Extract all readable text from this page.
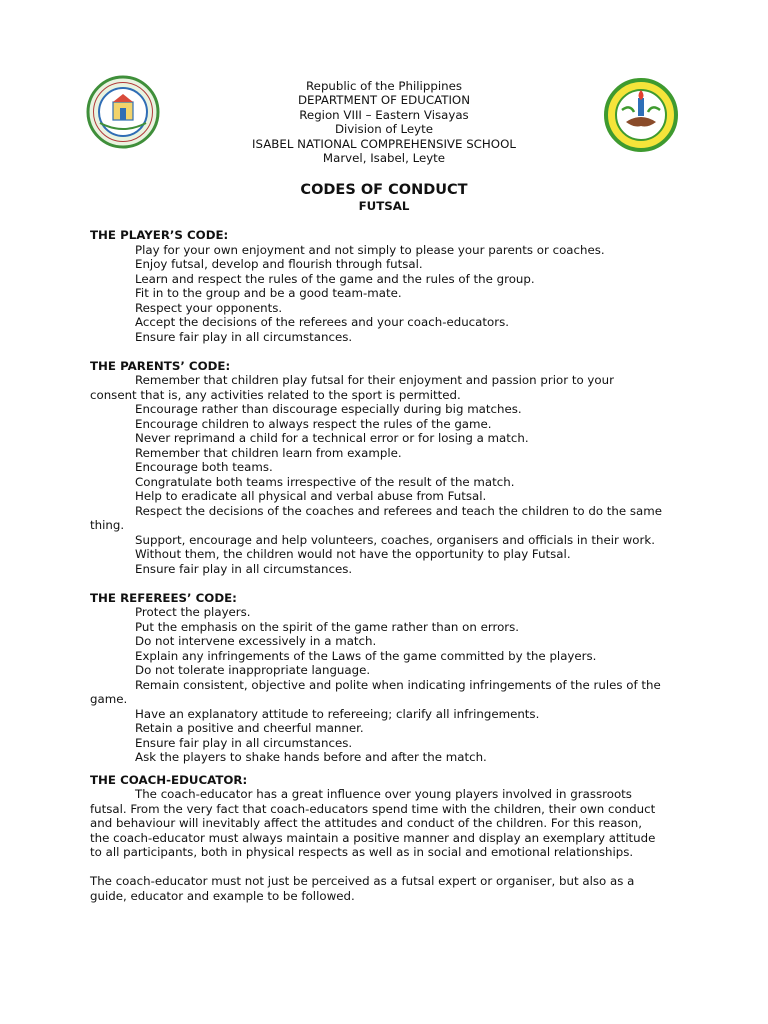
Republic of the Philippines
DEPARTMENT OF EDUCATION
Region VIII – Eastern Visayas
Division of Leyte
ISABEL NATIONAL COMPREHENSIVE SCHOOL
Marvel, Isabel, Leyte
CODES OF CONDUCT
FUTSAL
THE PLAYER’S CODE:
Play for your own enjoyment and not simply to please your parents or coaches.
Enjoy futsal, develop and flourish through futsal.
Learn and respect the rules of the game and the rules of the group.
Fit in to the group and be a good team-mate.
Respect your opponents.
Accept the decisions of the referees and your coach-educators.
Ensure fair play in all circumstances.
THE PARENTS’ CODE:
Remember that children play futsal for their enjoyment and passion prior to your
consent that is, any activities related to the sport is permitted.
Encourage rather than discourage especially during big matches.
Encourage children to always respect the rules of the game.
Never reprimand a child for a technical error or for losing a match.
Remember that children learn from example.
Encourage both teams.
Congratulate both teams irrespective of the result of the match.
Help to eradicate all physical and verbal abuse from Futsal.
Respect the decisions of the coaches and referees and teach the children to do the same
thing.
Support, encourage and help volunteers, coaches, organisers and officials in their work.
Without them, the children would not have the opportunity to play Futsal.
Ensure fair play in all circumstances.
THE REFEREES’ CODE:
Protect the players.
Put the emphasis on the spirit of the game rather than on errors.
Do not intervene excessively in a match.
Explain any infringements of the Laws of the game committed by the players.
Do not tolerate inappropriate language.
Remain consistent, objective and polite when indicating infringements of the rules of the
game.
Have an explanatory attitude to refereeing; clarify all infringements.
Retain a positive and cheerful manner.
Ensure fair play in all circumstances.
Ask the players to shake hands before and after the match.
THE COACH-EDUCATOR:
The coach-educator has a great influence over young players involved in grassroots
futsal. From the very fact that coach-educators spend time with the children, their own conduct
and behaviour will inevitably affect the attitudes and conduct of the children. For this reason,
the coach-educator must always maintain a positive manner and display an exemplary attitude
to all participants, both in physical respects as well as in social and emotional relationships.
The coach-educator must not just be perceived as a futsal expert or organiser, but also as a
guide, educator and example to be followed.
